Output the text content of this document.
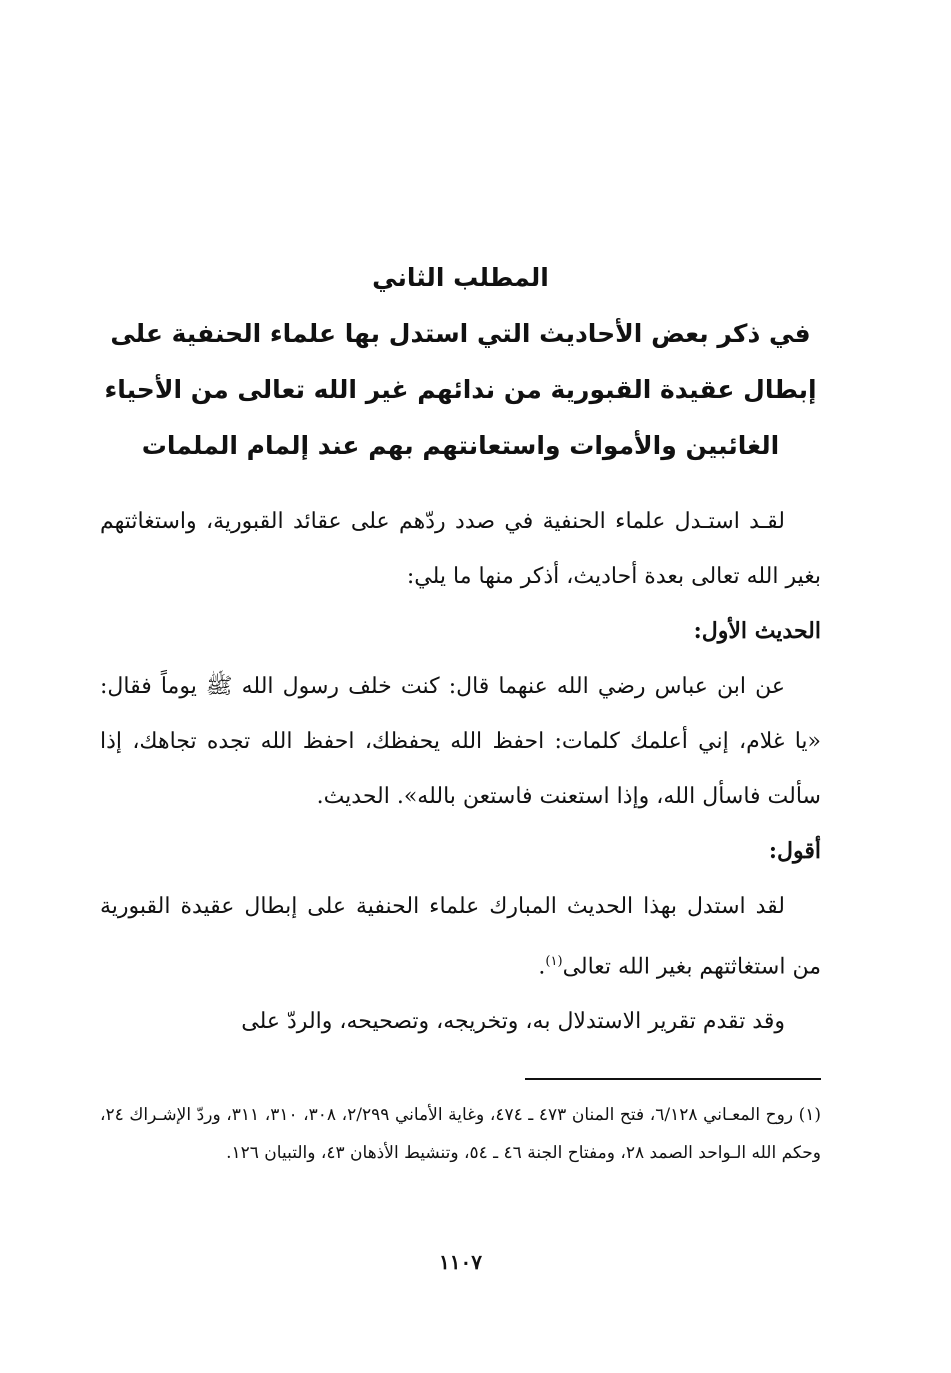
المطلب الثاني
في ذكر بعض الأحاديث التي استدل بها علماء الحنفية على
إبطال عقيدة القبورية من ندائهم غير الله تعالى من الأحياء
الغائبين والأموات واستعانتهم بهم عند إلمام الملمات

لقـد استـدل علماء الحنفية في صدد ردّهم على عقائد القبورية، واستغاثتهم بغير الله تعالى بعدة أحاديث، أذكر منها ما يلي:

الحديث الأول:

عن ابن عباس رضي الله عنهما قال: كنت خلف رسول الله ﷺ يوماً فقال: «يا غلام، إني أعلمك كلمات: احفظ الله يحفظك، احفظ الله تجده تجاهك، إذا سألت فاسأل الله، وإذا استعنت فاستعن بالله». الحديث.

أقول:

لقد استدل بهذا الحديث المبارك علماء الحنفية على إبطال عقيدة القبورية من استغاثتهم بغير الله تعالى$^{(١)}$.

وقد تقدم تقرير الاستدلال به، وتخريجه، وتصحيحه، والردّ على

(١) روح المعـاني ٦/١٢٨، فتح المنان ٤٧٣ ـ ٤٧٤، وغاية الأماني ٢/٢٩٩، ٣٠٨، ٣١٠، ٣١١، وردّ الإشـراك ٢٤، وحكم الله الـواحد الصمد ٢٨، ومفتاح الجنة ٤٦ ـ ٥٤، وتنشيط الأذهان ٤٣، والتبيان ١٢٦.

١١٠٧
